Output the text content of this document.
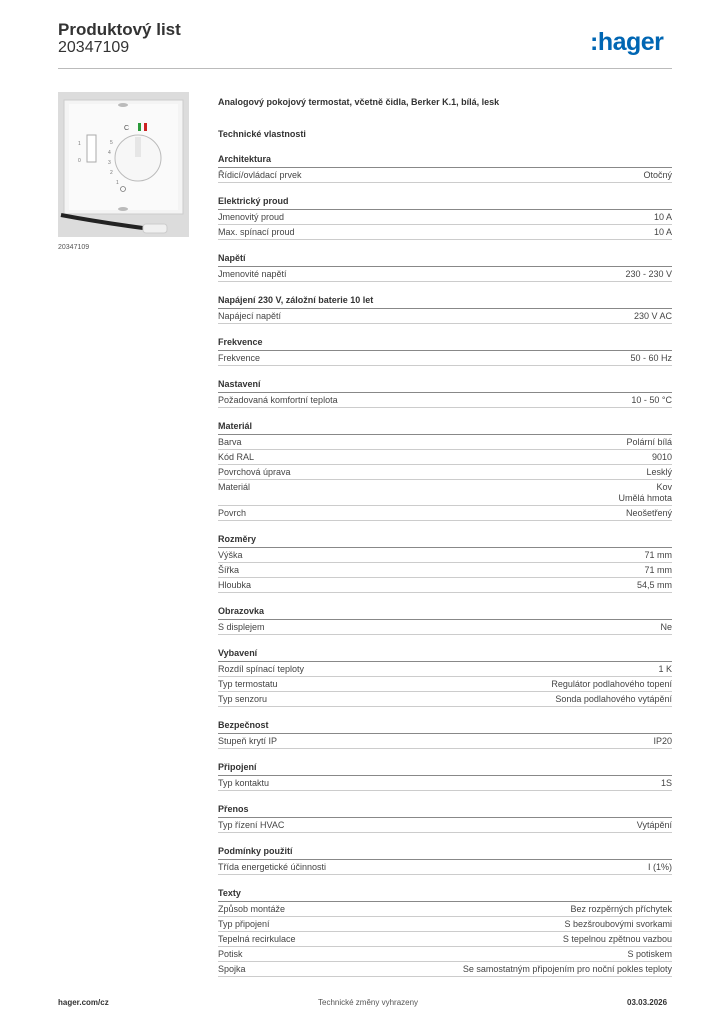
Produktový list
20347109	:hager
C
1
0
5
4
3
2
1
20347109
Analogový pokojový termostat, včetně čidla, Berker K.1, bílá, lesk
Technické vlastnosti
Architektura
Řídicí/ovládací prvek	Otočný
Elektrický proud
Jmenovitý proud	10 A
Max. spínací proud	10 A
Napětí
Jmenovité napětí	230 - 230 V
Napájení 230 V, záložní baterie 10 let
Napájecí napětí	230 V AC
Frekvence
Frekvence	50 - 60 Hz
Nastavení
Požadovaná komfortní teplota	10 - 50 °C
Materiál
Barva	Polární bílá
Kód RAL	9010
Povrchová úprava	Lesklý
Materiál	Kov
Umělá hmota
Povrch	Neošetřený
Rozměry
Výška	71 mm
Šířka	71 mm
Hloubka	54,5 mm
Obrazovka
S displejem	Ne
Vybavení
Rozdíl spínací teploty	1 K
Typ termostatu	Regulátor podlahového topení
Typ senzoru	Sonda podlahového vytápění
Bezpečnost
Stupeň krytí IP	IP20
Připojení
Typ kontaktu	1S
Přenos
Typ řízení HVAC	Vytápění
Podmínky použití
Třída energetické účinnosti	I (1%)
Texty
Způsob montáže	Bez rozpěrných příchytek
Typ připojení	S bezšroubovými svorkami
Tepelná recirkulace	S tepelnou zpětnou vazbou
Potisk	S potiskem
Spojka	Se samostatným připojením pro noční pokles teploty
hager.com/cz	Technické změny vyhrazeny	03.03.2026
